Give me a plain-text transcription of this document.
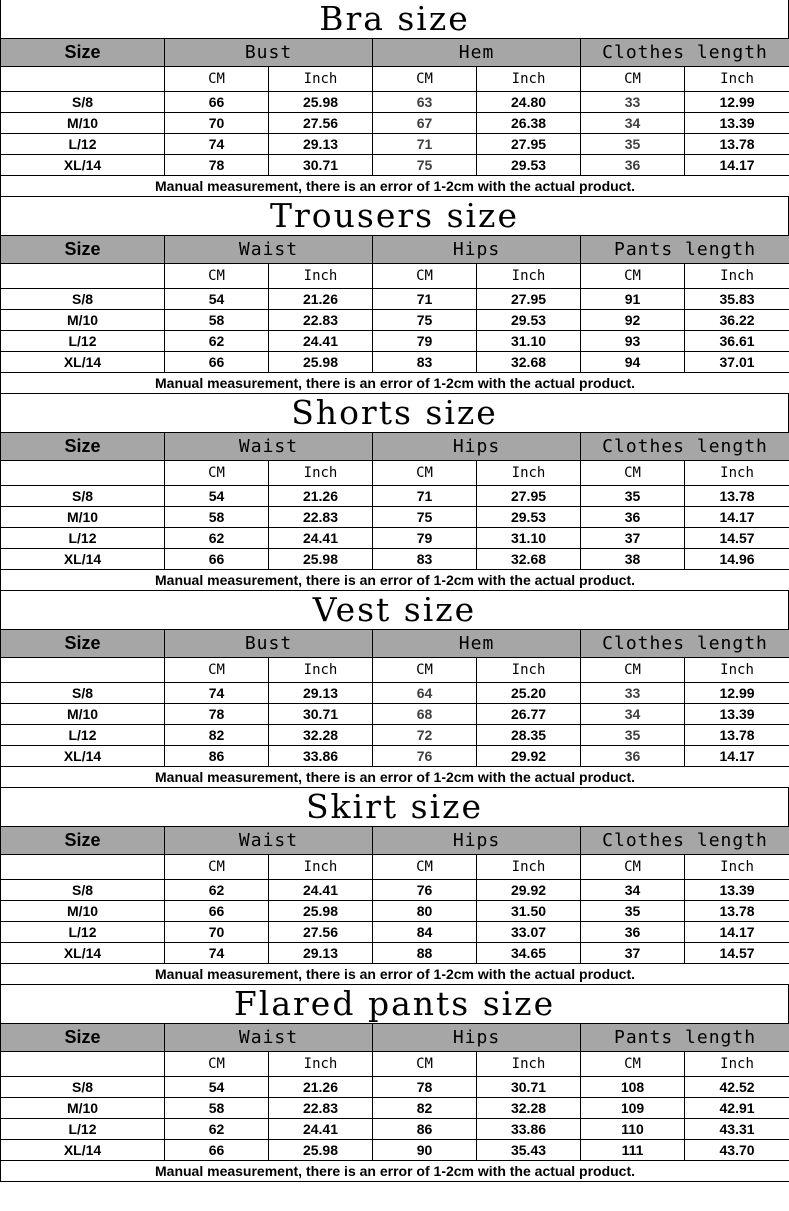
Bra size
Size	Bust		Hem		Clothes length	
	CM	Inch	CM	Inch	CM	Inch
S/8	66	25.98	63	24.80	33	12.99
M/10	70	27.56	67	26.38	34	13.39
L/12	74	29.13	71	27.95	35	13.78
XL/14	78	30.71	75	29.53	36	14.17
Manual measurement, there is an error of 1-2cm with the actual product.						
Trousers size
Size	Waist		Hips		Pants length	
	CM	Inch	CM	Inch	CM	Inch
S/8	54	21.26	71	27.95	91	35.83
M/10	58	22.83	75	29.53	92	36.22
L/12	62	24.41	79	31.10	93	36.61
XL/14	66	25.98	83	32.68	94	37.01
Manual measurement, there is an error of 1-2cm with the actual product.						
Shorts size
Size	Waist		Hips		Clothes length	
	CM	Inch	CM	Inch	CM	Inch
S/8	54	21.26	71	27.95	35	13.78
M/10	58	22.83	75	29.53	36	14.17
L/12	62	24.41	79	31.10	37	14.57
XL/14	66	25.98	83	32.68	38	14.96
Manual measurement, there is an error of 1-2cm with the actual product.						
Vest size
Size	Bust		Hem		Clothes length	
	CM	Inch	CM	Inch	CM	Inch
S/8	74	29.13	64	25.20	33	12.99
M/10	78	30.71	68	26.77	34	13.39
L/12	82	32.28	72	28.35	35	13.78
XL/14	86	33.86	76	29.92	36	14.17
Manual measurement, there is an error of 1-2cm with the actual product.						
Skirt size
Size	Waist		Hips		Clothes length	
	CM	Inch	CM	Inch	CM	Inch
S/8	62	24.41	76	29.92	34	13.39
M/10	66	25.98	80	31.50	35	13.78
L/12	70	27.56	84	33.07	36	14.17
XL/14	74	29.13	88	34.65	37	14.57
Manual measurement, there is an error of 1-2cm with the actual product.						
Flared pants size
Size	Waist		Hips		Pants length	
	CM	Inch	CM	Inch	CM	Inch
S/8	54	21.26	78	30.71	108	42.52
M/10	58	22.83	82	32.28	109	42.91
L/12	62	24.41	86	33.86	110	43.31
XL/14	66	25.98	90	35.43	111	43.70
Manual measurement, there is an error of 1-2cm with the actual product.						
